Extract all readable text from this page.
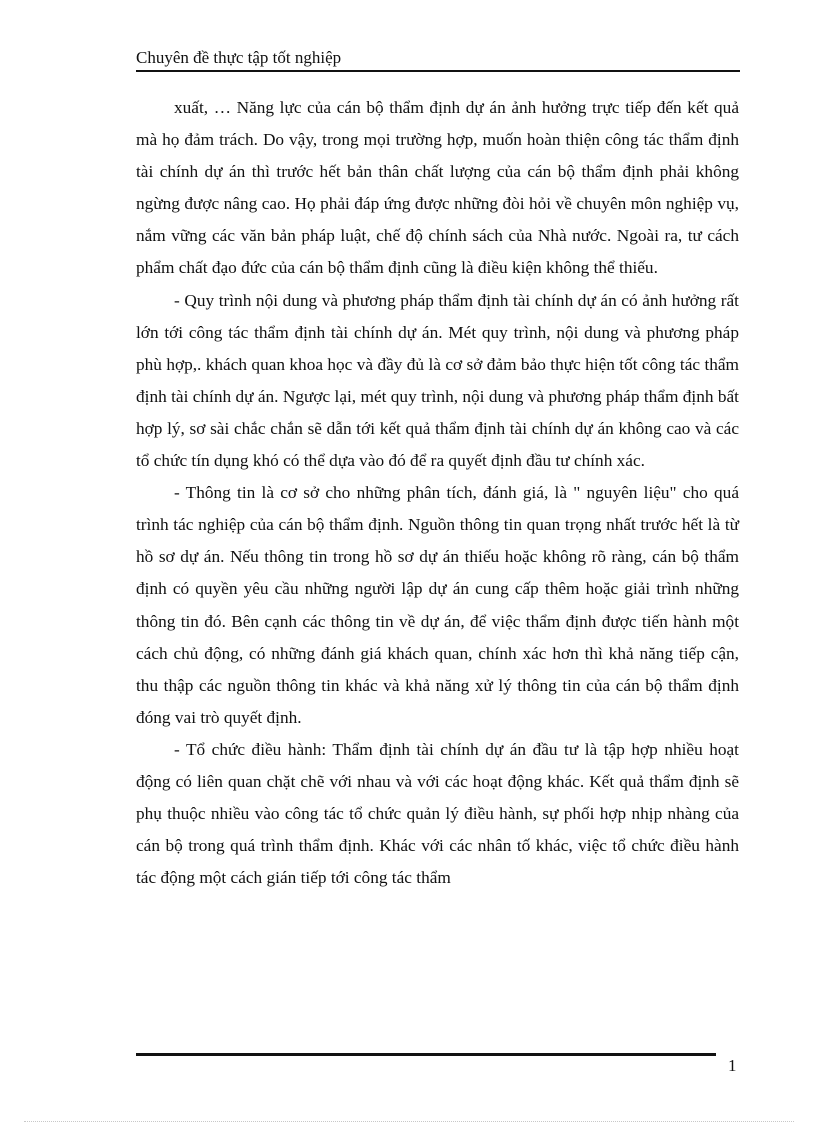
Chuyên đề thực tập tốt nghiệp

xuất, … Năng lực của cán bộ thẩm định dự án ảnh hưởng trực tiếp đến kết quả mà họ đảm trách. Do vậy, trong mọi trường hợp, muốn hoàn thiện công tác thẩm định tài chính dự án thì trước hết bản thân chất lượng của cán bộ thẩm định phải không ngừng được nâng cao. Họ phải đáp ứng được những đòi hỏi về chuyên môn nghiệp vụ, nắm vững các văn bản pháp luật, chế độ chính sách của Nhà nước. Ngoài ra, tư cách phẩm chất đạo đức của cán bộ thẩm định cũng là điều kiện không thể thiếu.

- Quy trình nội dung và phương pháp thẩm định tài chính dự án có ảnh hưởng rất lớn tới công tác thẩm định tài chính dự án. Mét quy trình, nội dung và phương pháp phù hợp,. khách quan khoa học và đầy đủ là cơ sở đảm bảo thực hiện tốt công tác thẩm định tài chính dự án. Ngược lại, mét quy trình, nội dung và phương pháp thẩm định bất hợp lý, sơ sài chắc chắn sẽ dẫn tới kết quả thẩm định tài chính dự án không cao và các tổ chức tín dụng khó có thể dựa vào đó để ra quyết định đầu tư chính xác.

- Thông tin là cơ sở cho những phân tích, đánh giá, là " nguyên liệu" cho quá trình tác nghiệp của cán bộ thẩm định. Nguồn thông tin quan trọng nhất trước hết là từ hồ sơ dự án. Nếu thông tin trong hồ sơ dự án thiếu hoặc không rõ ràng, cán bộ thẩm định có quyền yêu cầu những người lập dự án cung cấp thêm hoặc giải trình những thông tin đó. Bên cạnh các thông tin về dự án, để việc thẩm định được tiến hành một cách chủ động, có những đánh giá khách quan, chính xác hơn thì khả năng tiếp cận, thu thập các nguồn thông tin khác và khả năng xử lý thông tin của cán bộ thẩm định đóng vai trò quyết định.

- Tổ chức điều hành: Thẩm định tài chính dự án đầu tư là tập hợp nhiều hoạt động có liên quan chặt chẽ với nhau và với các hoạt động khác. Kết quả thẩm định sẽ phụ thuộc nhiều vào công tác tổ chức quản lý điều hành, sự phối hợp nhịp nhàng của cán bộ trong quá trình thẩm định. Khác với các nhân tố khác, việc tổ chức điều hành tác động một cách gián tiếp tới công tác thẩm

1
